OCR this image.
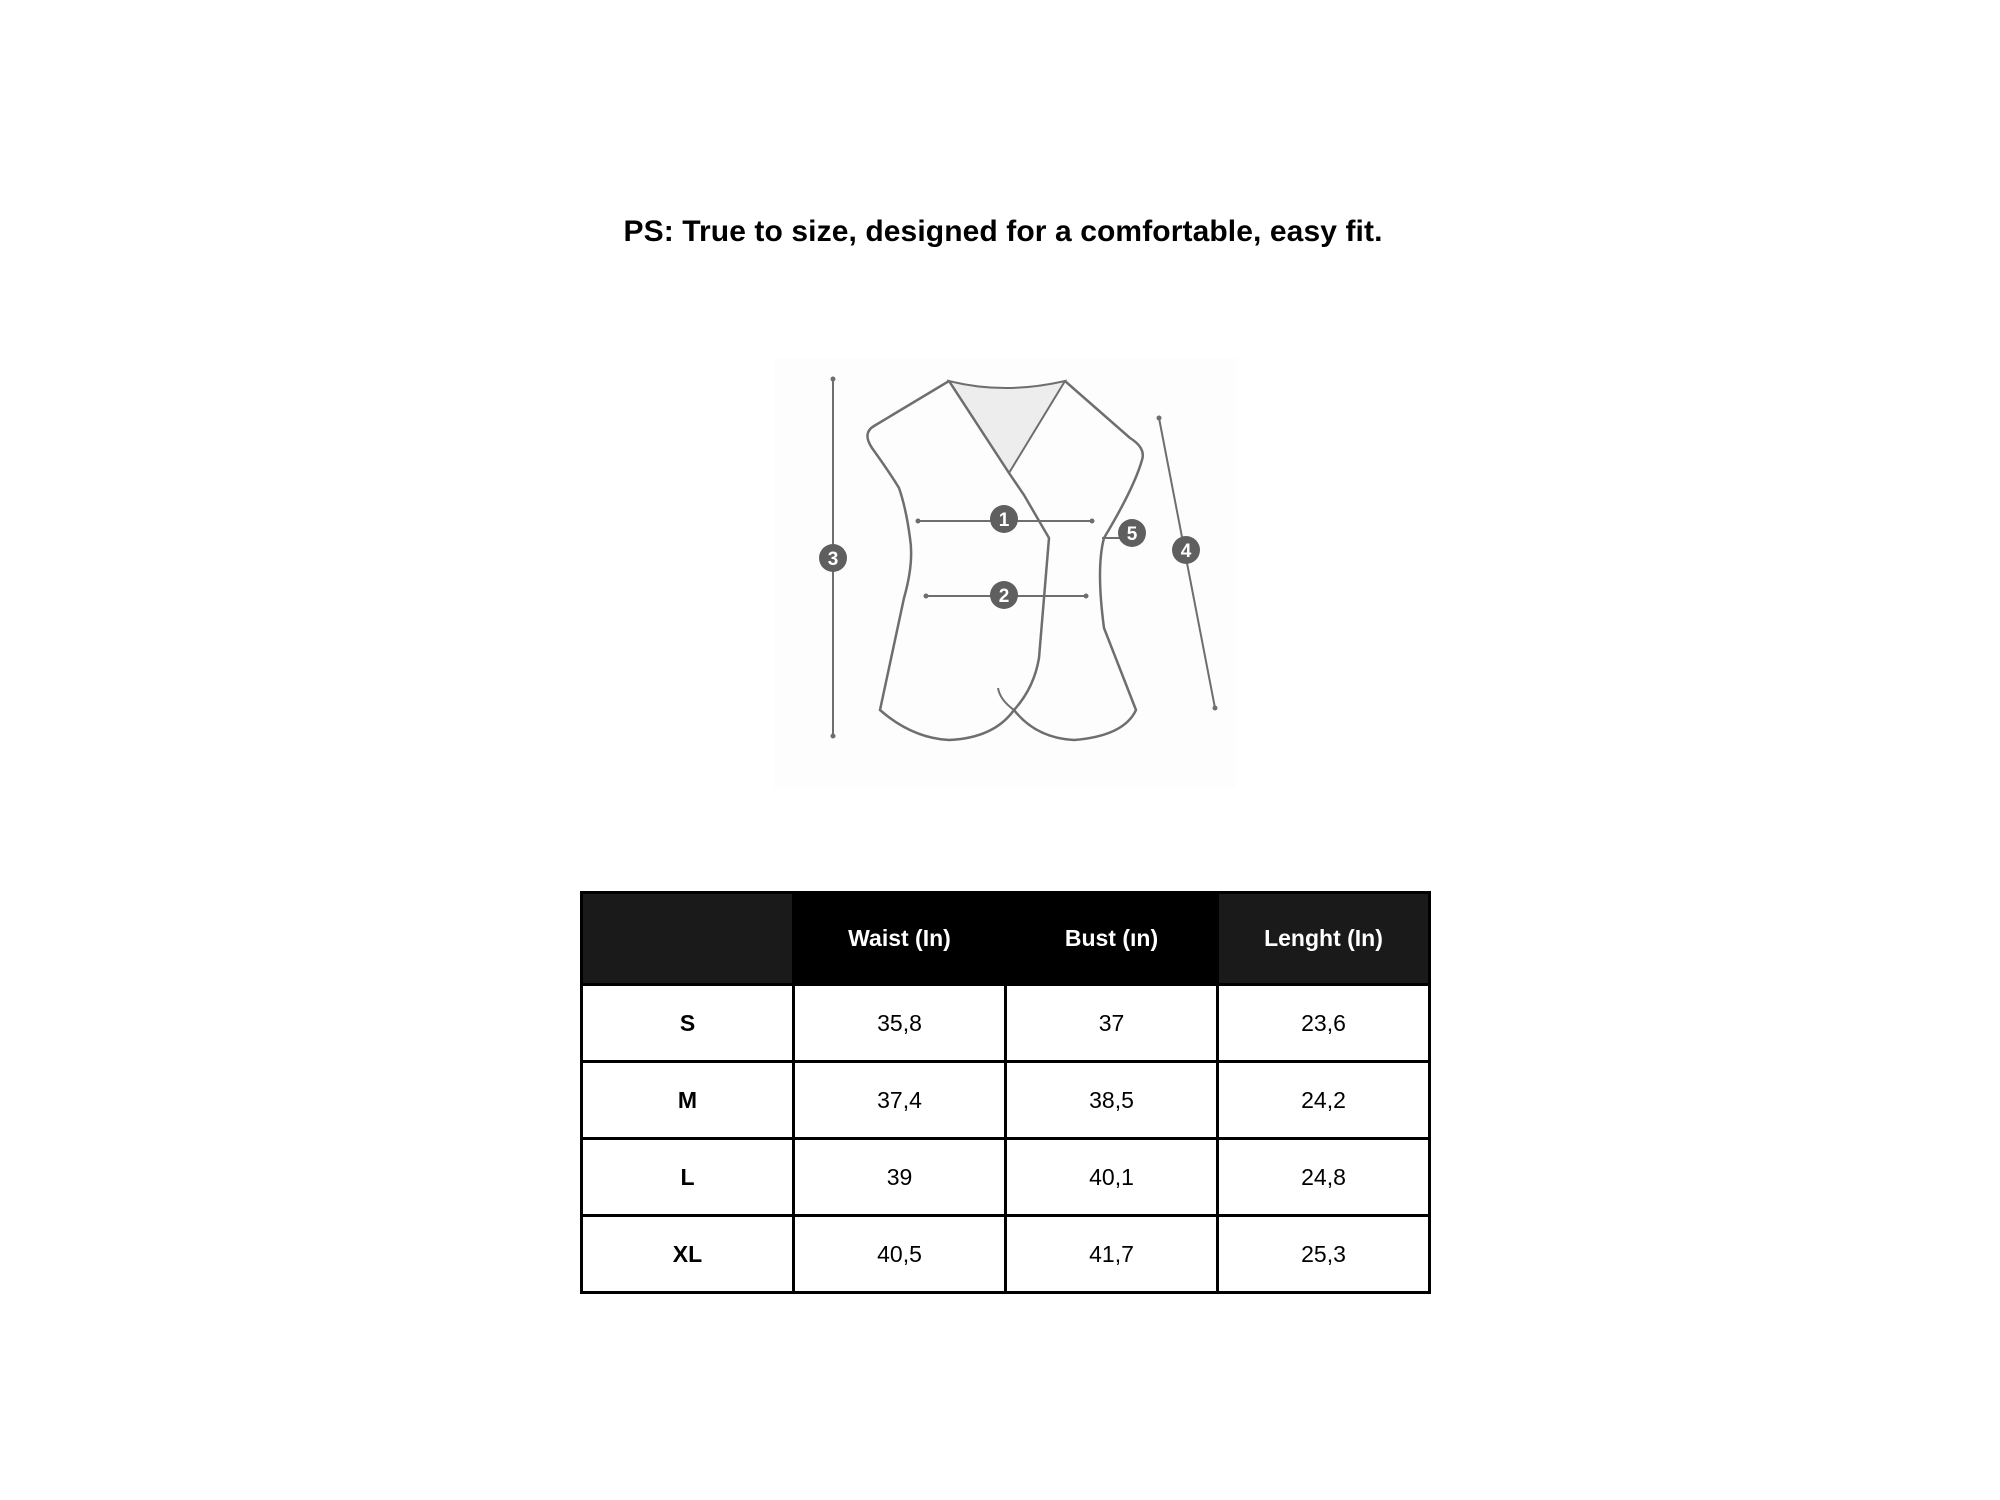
PS: True to size, designed for a comfortable, easy fit.
1
2
3	4
5
	Waist (In)	Bust (ın)	Lenght (In)
S	35,8	37	23,6
M	37,4	38,5	24,2
L	39	40,1	24,8
XL	40,5	41,7	25,3
